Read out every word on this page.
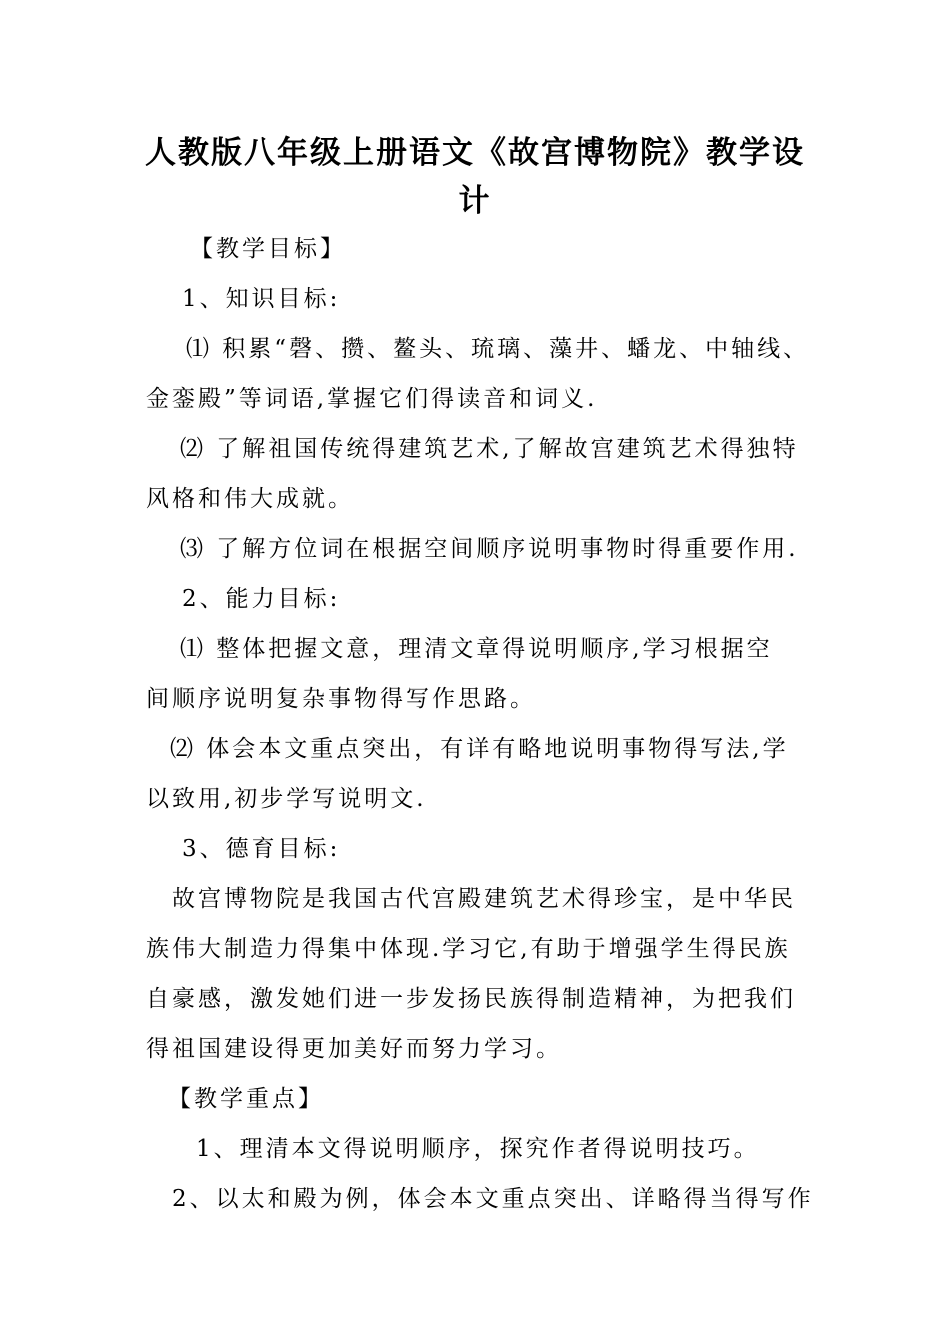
人教版八年级上册语文《故宫博物院》教学设
计
【教学目标】
1、知识目标:
⑴ 积累“磬、攒、鳌头、琉璃、藻井、蟠龙、中轴线、
金銮殿”等词语,掌握它们得读音和词义.
⑵ 了解祖国传统得建筑艺术,了解故宫建筑艺术得独特
风格和伟大成就。
⑶ 了解方位词在根据空间顺序说明事物时得重要作用.
2、能力目标:
⑴ 整体把握文意，理清文章得说明顺序,学习根据空
间顺序说明复杂事物得写作思路。
⑵ 体会本文重点突出，有详有略地说明事物得写法,学
以致用,初步学写说明文.
3、德育目标:
故宫博物院是我国古代宫殿建筑艺术得珍宝，是中华民
族伟大制造力得集中体现.学习它,有助于增强学生得民族
自豪感，激发她们进一步发扬民族得制造精神，为把我们
得祖国建设得更加美好而努力学习。
【教学重点】
1、理清本文得说明顺序，探究作者得说明技巧。
2、以太和殿为例，体会本文重点突出、详略得当得写作
